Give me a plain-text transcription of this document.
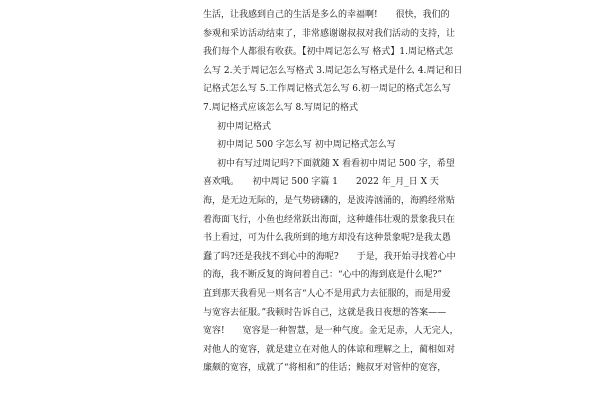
生活，让我感到自己的生活是多么的幸福啊!　　很快，我们的
参观和采访活动结束了，非常感谢谢叔叔对我们活动的支持，让
我们每个人都很有收获。【初中周记怎么写 格式】1.周记格式怎
么写 2.关于周记怎么写格式 3.周记怎么写格式是什么 4.周记和日
记格式怎么写 5.工作周记格式怎么写 6.初一周记的格式怎么写
7.周记格式应该怎么写 8.写周记的格式
初中周记格式
初中周记 500 字怎么写 初中周记格式怎么写
初中有写过周记吗?下面就随 X 看看初中周记 500 字，希望
喜欢哦。　　初中周记 500 字篇 1　　2022 年_月_日 X 天
海，是无边无际的，是气势磅礴的，是波涛汹涌的，海鸥经常贴
着海面飞行，小鱼也经常跃出海面，这种雄伟壮观的景象我只在
书上看过，可为什么我所到的地方却没有这种景象呢?是我太愚
蠢了吗?还是我找不到心中的海呢?　　于是，我开始寻找着心中
的海，我不断反复的询问着自己：“心中的海到底是什么呢?”
直到那天我看见一则名言“人心不是用武力去征服的，而是用爱
与宽容去征服。”我顿时告诉自己，这就是我日夜想的答案——
宽容!　　宽容是一种智慧，是一种气度。金无足赤，人无完人，
对他人的宽容，就是建立在对他人的体谅和理解之上，蔺相如对
廉颇的宽容，成就了“将相和”的佳话；鲍叔牙对管仲的宽容，
